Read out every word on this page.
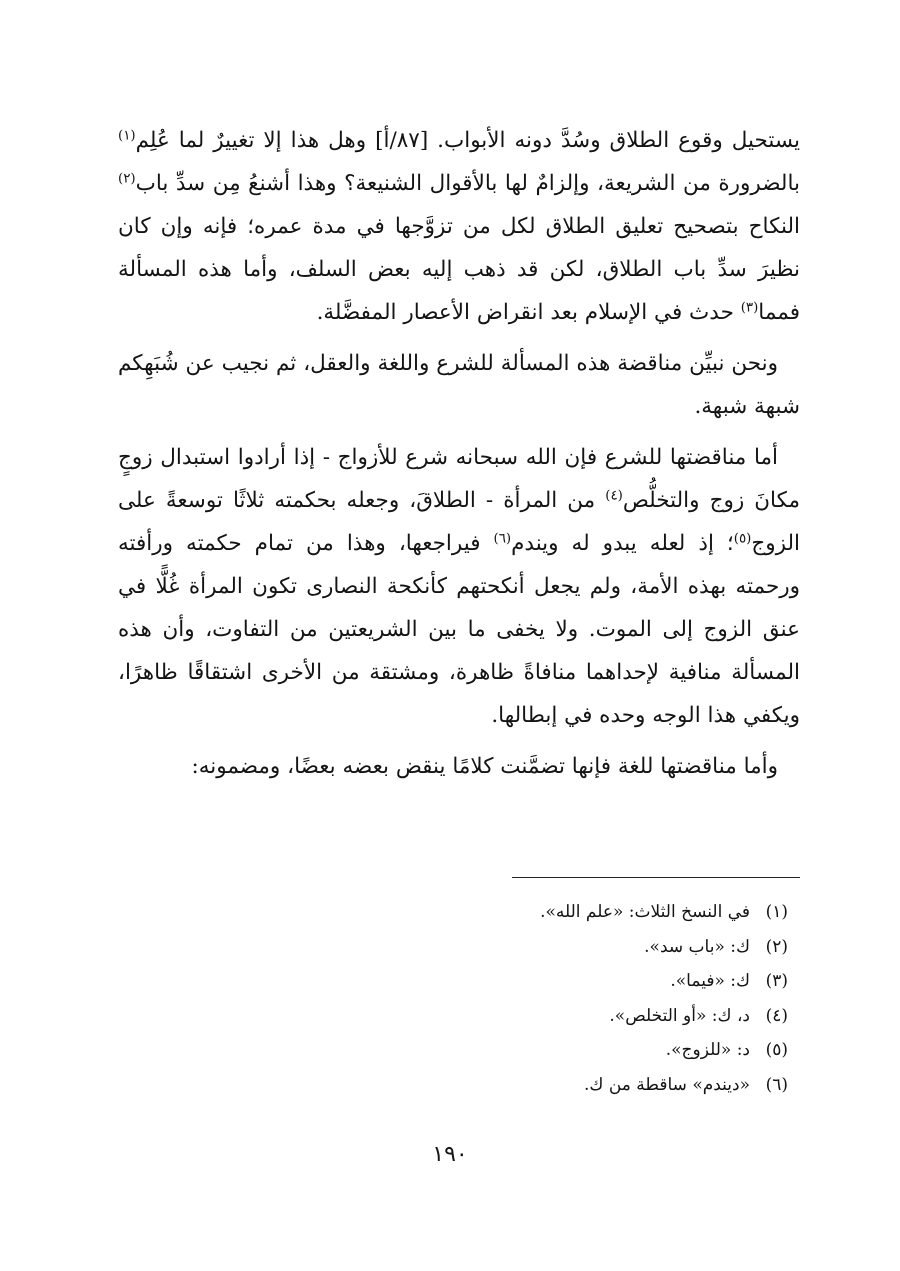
يستحيل وقوع الطلاق وسُدَّ دونه الأبواب. [٨٧/أ] وهل هذا إلا تغييرٌ لما عُلِم$^{(١)}$ بالضرورة من الشريعة، وإلزامٌ لها بالأقوال الشنيعة؟ وهذا أشنعُ مِن سدِّ باب$^{(٢)}$ النكاح بتصحيح تعليق الطلاق لكل من تزوَّجها في مدة عمره؛ فإنه وإن كان نظيرَ سدِّ باب الطلاق، لكن قد ذهب إليه بعض السلف، وأما هذه المسألة فمما$^{(٣)}$ حدث في الإسلام بعد انقراض الأعصار المفضَّلة.

ونحن نبيِّن مناقضة هذه المسألة للشرع واللغة والعقل، ثم نجيب عن شُبَهِكم شبهة شبهة.

أما مناقضتها للشرع فإن الله سبحانه شرع للأزواج - إذا أرادوا استبدال زوجٍ مكانَ زوج والتخلُّص$^{(٤)}$ من المرأة - الطلاقَ، وجعله بحكمته ثلاثًا توسعةً على الزوج$^{(٥)}$؛ إذ لعله يبدو له ويندم$^{(٦)}$ فيراجعها، وهذا من تمام حكمته ورأفته ورحمته بهذه الأمة، ولم يجعل أنكحتهم كأنكحة النصارى تكون المرأة غُلًّا في عنق الزوج إلى الموت. ولا يخفى ما بين الشريعتين من التفاوت، وأن هذه المسألة منافية لإحداهما منافاةً ظاهرة، ومشتقة من الأخرى اشتقاقًا ظاهرًا، ويكفي هذا الوجه وحده في إبطالها.

وأما مناقضتها للغة فإنها تضمَّنت كلامًا ينقض بعضه بعضًا، ومضمونه:

(١)في النسخ الثلاث: «علم الله».
(٢)ك: «باب سد».
(٣)ك: «فيما».
(٤)د، ك: «أو التخلص».
(٥)د: «للزوج».
(٦)«ديندم» ساقطة من ك.
١٩٠
